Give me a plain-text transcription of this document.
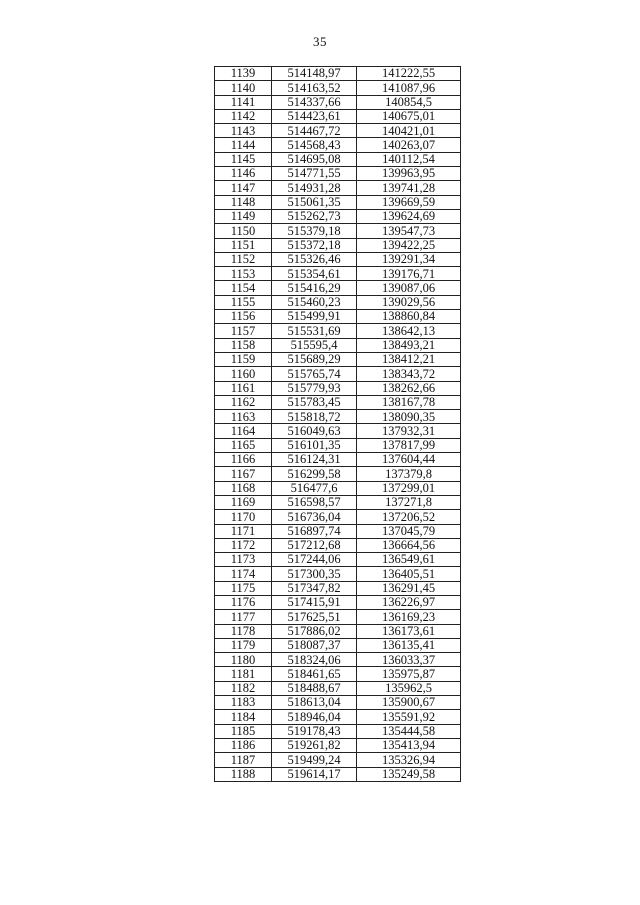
35
1139	514148,97	141222,55
1140	514163,52	141087,96
1141	514337,66	140854,5
1142	514423,61	140675,01
1143	514467,72	140421,01
1144	514568,43	140263,07
1145	514695,08	140112,54
1146	514771,55	139963,95
1147	514931,28	139741,28
1148	515061,35	139669,59
1149	515262,73	139624,69
1150	515379,18	139547,73
1151	515372,18	139422,25
1152	515326,46	139291,34
1153	515354,61	139176,71
1154	515416,29	139087,06
1155	515460,23	139029,56
1156	515499,91	138860,84
1157	515531,69	138642,13
1158	515595,4	138493,21
1159	515689,29	138412,21
1160	515765,74	138343,72
1161	515779,93	138262,66
1162	515783,45	138167,78
1163	515818,72	138090,35
1164	516049,63	137932,31
1165	516101,35	137817,99
1166	516124,31	137604,44
1167	516299,58	137379,8
1168	516477,6	137299,01
1169	516598,57	137271,8
1170	516736,04	137206,52
1171	516897,74	137045,79
1172	517212,68	136664,56
1173	517244,06	136549,61
1174	517300,35	136405,51
1175	517347,82	136291,45
1176	517415,91	136226,97
1177	517625,51	136169,23
1178	517886,02	136173,61
1179	518087,37	136135,41
1180	518324,06	136033,37
1181	518461,65	135975,87
1182	518488,67	135962,5
1183	518613,04	135900,67
1184	518946,04	135591,92
1185	519178,43	135444,58
1186	519261,82	135413,94
1187	519499,24	135326,94
1188	519614,17	135249,58
